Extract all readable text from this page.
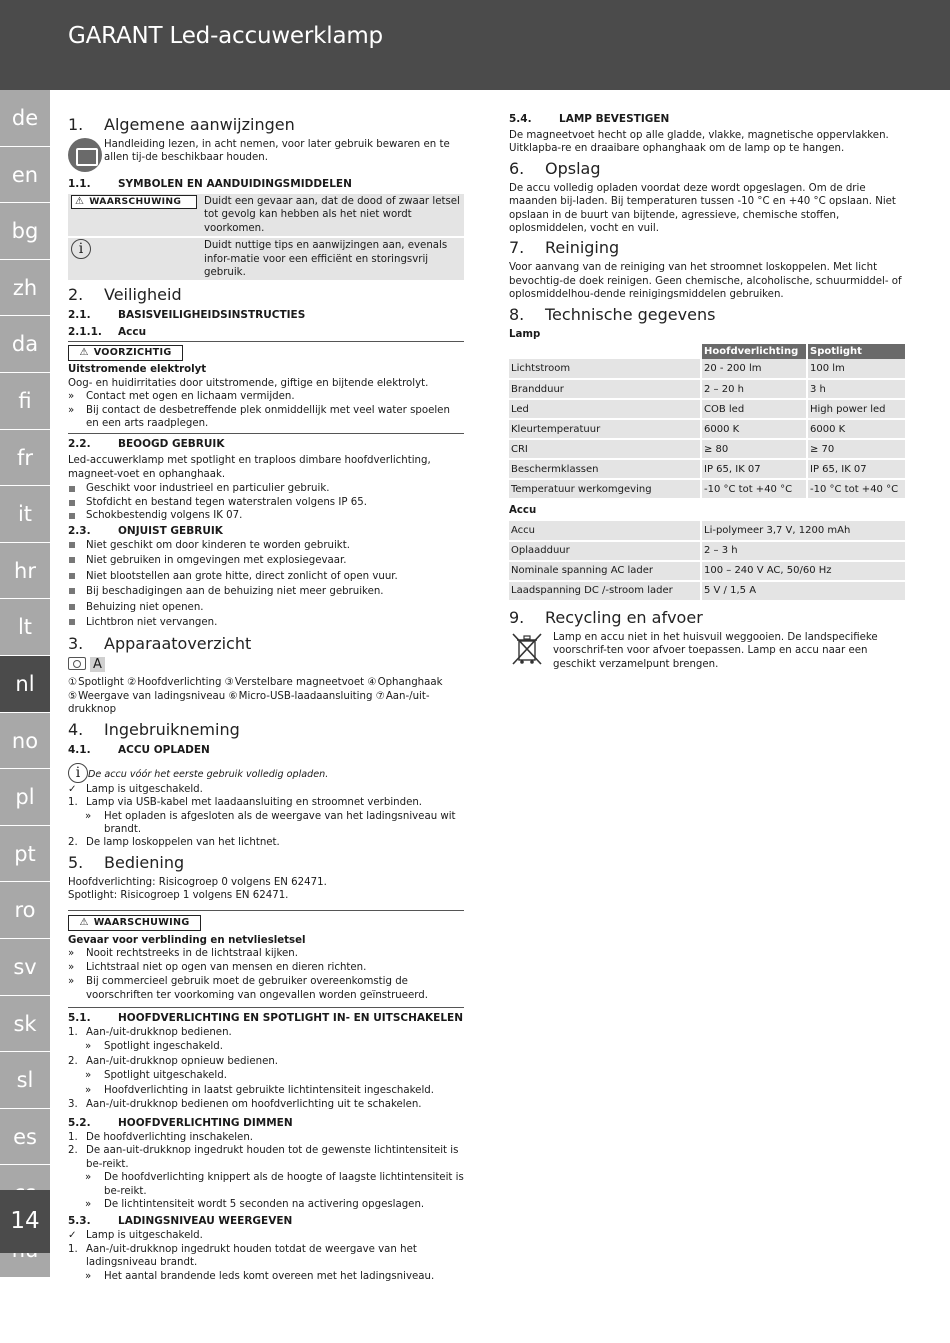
GARANT Led-accuwerklamp
de
en
bg
zh
da
fi
fr
it
hr
lt
nl
no
pl
pt
ro
sv
sk
sl
es
14
1. Algemene aanwijzingen

Handleiding lezen, in acht nemen, voor later gebruik bewaren en te allen tij-de beschikbaar houden.

1.1.	SYMBOLEN EN AANDUIDINGSMIDDELEN
⚠ WAARSCHUWING	Duidt een gevaar aan, dat de dood of zwaar letsel tot gevolg kan hebben als het niet wordt voorkomen.
i	Duidt nuttige tips en aanwijzingen aan, evenals infor-matie voor een efficiënt en storingsvrij gebruik.
2. Veiligheid
2.1.	BASISVEILIGHEIDSINSTRUCTIES
2.1.1. Accu
⚠ VOORZICHTIG

Uitstromende elektrolyt

Oog- en huidirritaties door uitstromende, giftige en bijtende elektrolyt.

» Contact met ogen en lichaam vermijden.
» Bij contact de desbetreffende plek onmiddellijk met veel water spoelen en een arts raadplegen.
2.2.	BEOOGD GEBRUIK

Led-accuwerklamp met spotlight en traploos dimbare hoofdverlichting, magneet-voet en ophanghaak.

Geschikt voor industrieel en particulier gebruik.
Stofdicht en bestand tegen waterstralen volgens IP 65.
Schokbestendig volgens IK 07.
2.3.	ONJUIST GEBRUIK
Niet geschikt om door kinderen te worden gebruikt.
Niet gebruiken in omgevingen met explosiegevaar.
Niet blootstellen aan grote hitte, direct zonlicht of open vuur.
Bij beschadigingen aan de behuizing niet meer gebruiken.
Behuizing niet openen.
Lichtbron niet vervangen.
3. Apparaatoverzicht
A

①Spotlight ②Hoofdverlichting ③Verstelbare magneetvoet ④Ophanghaak ⑤Weergave van ladingsniveau ⑥Micro-USB-laadaansluiting ⑦Aan-/uit-drukknop

4. Ingebruikneming
4.1.	ACCU OPLADEN

i De accu vóór het eerste gebruik volledig opladen.

✓ Lamp is uitgeschakeld.
1. Lamp via USB-kabel met laadaansluiting en stroomnet verbinden.
» Het opladen is afgesloten als de weergave van het ladingsniveau wit brandt.
2. De lamp loskoppelen van het lichtnet.
5. Bediening

Hoofdverlichting: Risicogroep 0 volgens EN 62471.

Spotlight: Risicogroep 1 volgens EN 62471.

⚠ WAARSCHUWING

Gevaar voor verblinding en netvliesletsel

» Nooit rechtstreeks in de lichtstraal kijken.
» Lichtstraal niet op ogen van mensen en dieren richten.
» Bij commercieel gebruik moet de gebruiker overeenkomstig de voorschriften ter voorkoming van ongevallen worden geïnstrueerd.
5.1.	HOOFDVERLICHTING EN SPOTLIGHT IN- EN UITSCHAKELEN
1. Aan-/uit-drukknop bedienen.
» Spotlight ingeschakeld.
2. Aan-/uit-drukknop opnieuw bedienen.
» Spotlight uitgeschakeld.
» Hoofdverlichting in laatst gebruikte lichtintensiteit ingeschakeld.
3. Aan-/uit-drukknop bedienen om hoofdverlichting uit te schakelen.
5.2.	HOOFDVERLICHTING DIMMEN
1. De hoofdverlichting inschakelen.
2. De aan-uit-drukknop ingedrukt houden tot de gewenste lichtintensiteit is be-reikt.
» De hoofdverlichting knippert als de hoogte of laagste lichtintensiteit is be-reikt.
» De lichtintensiteit wordt 5 seconden na activering opgeslagen.
5.3.	LADINGSNIVEAU WEERGEVEN
✓ Lamp is uitgeschakeld.
1. Aan-/uit-drukknop ingedrukt houden totdat de weergave van het ladingsniveau brandt.
» Het aantal brandende leds komt overeen met het ladingsniveau.
5.4.	LAMP BEVESTIGEN

De magneetvoet hecht op alle gladde, vlakke, magnetische oppervlakken. Uitklapba-re en draaibare ophanghaak om de lamp op te hangen.

6. Opslag

De accu volledig opladen voordat deze wordt opgeslagen. Om de drie maanden bij-laden. Bij temperaturen tussen -10 °C en +40 °C opslaan. Niet opslaan in de buurt van bijtende, agressieve, chemische stoffen, oplosmiddelen, vocht en vuil.

7. Reiniging

Voor aanvang van de reiniging van het stroomnet loskoppelen. Met licht bevochtig-de doek reinigen. Geen chemische, alcoholische, schuurmiddel- of oplosmiddelhou-dende reinigingsmiddelen gebruiken.

8. Technische gegevens

Lamp

	Hoofdverlichting	Spotlight
Lichtstroom	20 - 200 lm	100 lm
Brandduur	2 – 20 h	3 h
Led	COB led	High power led
Kleurtemperatuur	6000 K	6000 K
CRI	≥ 80	≥ 70
Beschermklassen	IP 65, IK 07	IP 65, IK 07
Temperatuur werkomgeving	-10 °C tot +40 °C	-10 °C tot +40 °C

Accu

Accu	Li-polymeer 3,7 V, 1200 mAh
Oplaadduur	2 – 3 h
Nominale spanning AC lader	100 – 240 V AC, 50/60 Hz
Laadspanning DC /-stroom lader	5 V / 1,5 A
9. Recycling en afvoer

Lamp en accu niet in het huisvuil weggooien. De landspecifieke voorschrif-ten voor afvoer toepassen. Lamp en accu naar een geschikt verzamelpunt brengen.
